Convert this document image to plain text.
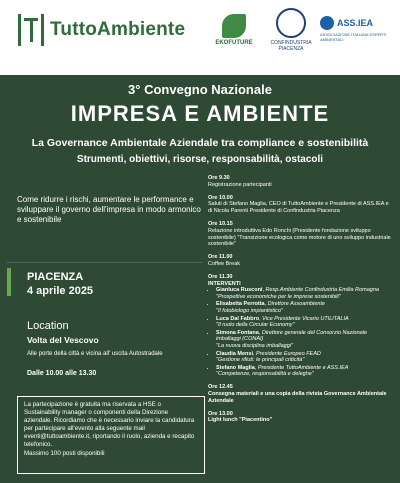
TuttoAmbiente
EKOFUTURE	CONFINDUSTRIA PIACENZA
ASS.IEA
ASSOCIAZIONE ITALIANA ESPERTI AMBIENTALI
3° Convegno Nazionale
IMPRESA E AMBIENTE
La Governance Ambientale Aziendale tra compliance e sostenibilità
Strumenti, obiettivi, risorse, responsabilità, ostacoli
Come ridurre i rischi, aumentare le performance e sviluppare il governo dell'impresa in modo armonico e sostenibile
PIACENZA
4 aprile 2025
Location
Volta del Vescovo
Alle porte della città e vicina all' uscita Autostradale
Dalle 10.00 alle 13.30

La partecipazione è gratuita ma riservata a HSE o Sustainability manager o componenti della Direzione aziendale. Ricordiamo che è necessario inviare la candidatura per partecipare all'evento alla seguente mail eventi@tuttoambiente.it, riportando il ruolo, azienda e recapito telefonico.

Massimo 100 posti disponibili

Ore 9.30
Registrazione partecipanti
Ore 10.00
Saluti di Stefano Maglia, CEO di TuttoAmbiente e Presidente di ASS.IEA e di Nicola Parenti Presidente di Confindustria Piacenza
Ore 10.15
Relazione introduttiva Edo Ronchi (Presidente fondazione sviluppo sostenibile) "Transizione ecologica come motore di uno sviluppo industriale sostenibile"
Ore 11.00
Coffee Break
Ore 11.30
INTERVENTI
• Gianluca Rusconi, Resp.Ambiente Confindustria Emilia Romagna
"Prospettive economiche per le imprese sostenibili"
• Elisabetta Perrotta, Direttore Assoambiente
"Il fotobiologo impiantistico"
• Luca Dal Fabbro, Vice Presidente Vicario UTILITALIA
"Il ruolo della Circular Economy"
• Simona Fontana, Direttore generale del Consorzio Nazionale imballaggi (CONAI)
"La nuova disciplina imballaggi"
• Claudia Mensi, Presidente Europeo FEAD
"Gestione rifiuti: le principali criticità"
• Stefano Maglia, Presidente TuttoAmbiente e ASS.IEA
"Competenze, responsabilità e deleghe"
Ore 12.45
Consegna materiali e una copia della rivista Governance Ambientale Aziendale
Ore 13.00
Light lunch "Piacentino"
